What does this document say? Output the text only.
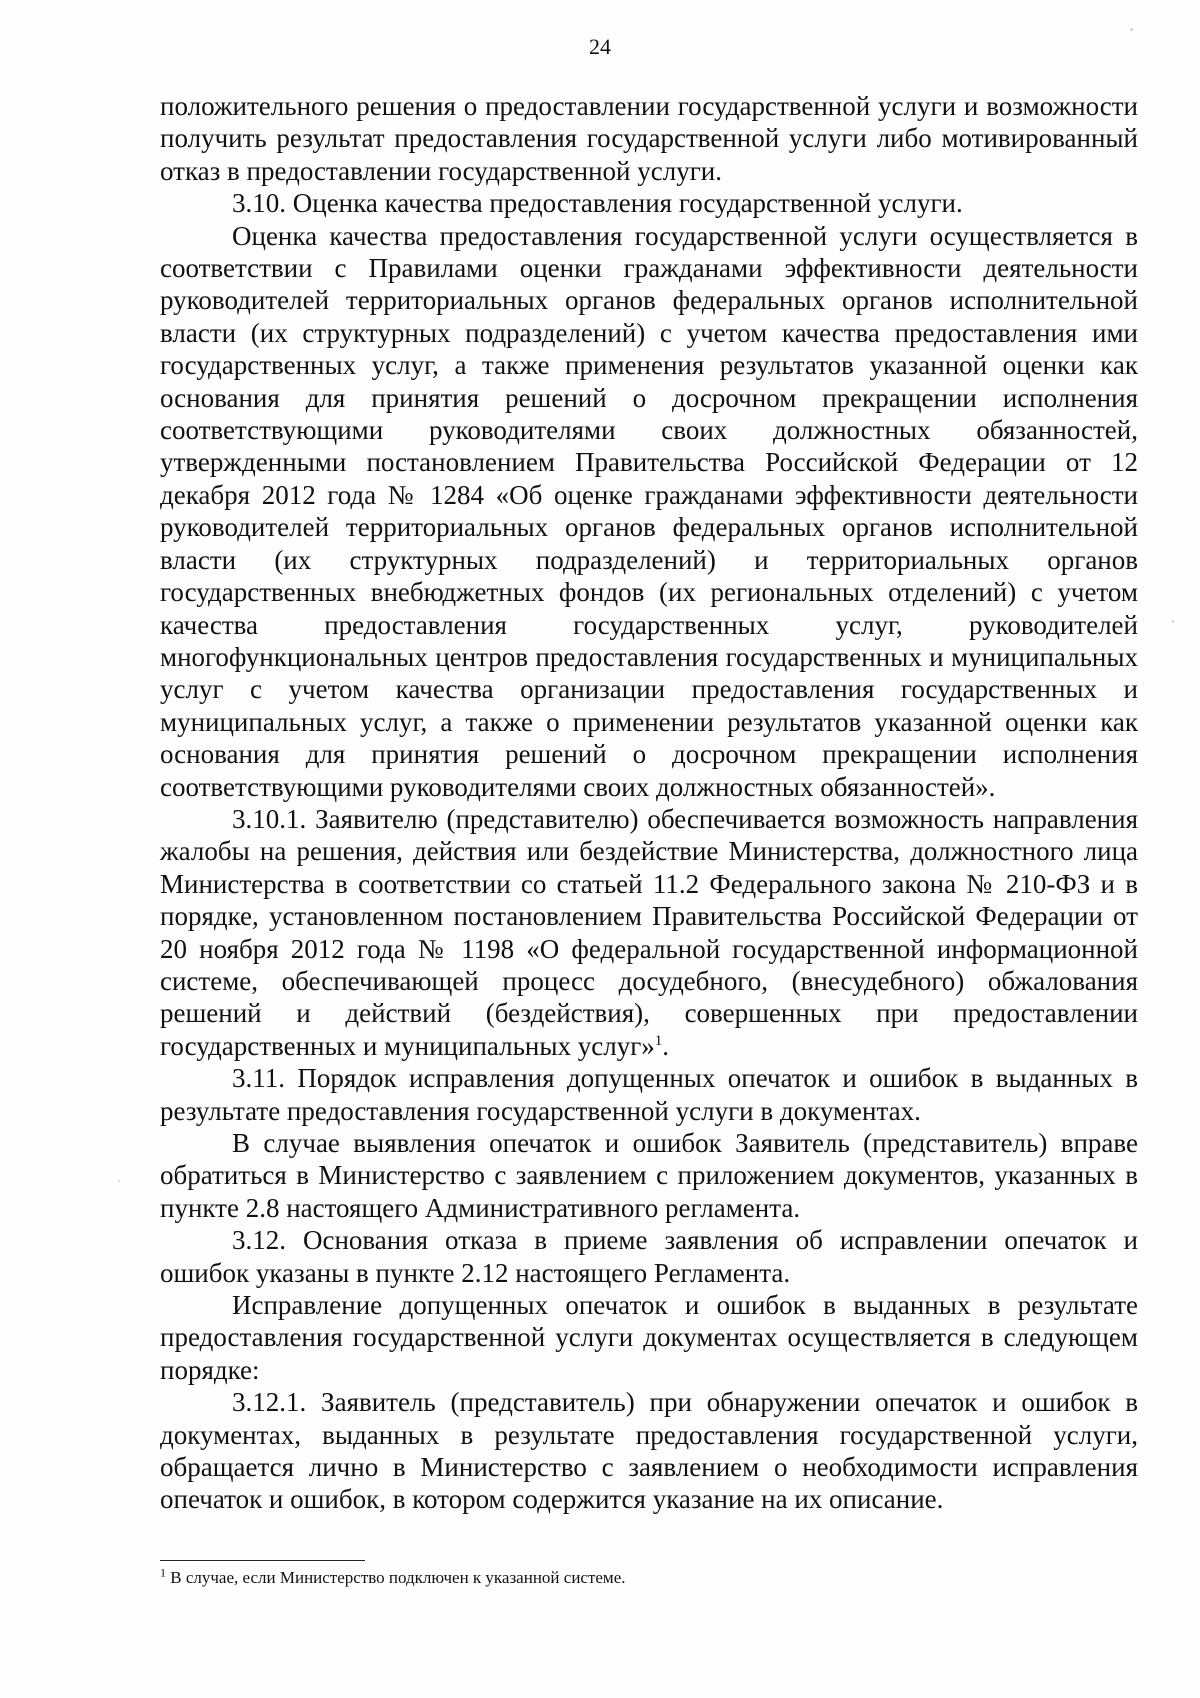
24

положительного решения о предоставлении государственной услуги и возможности получить результат предоставления государственной услуги либо мотивированный отказ в предоставлении государственной услуги.

3.10. Оценка качества предоставления государственной услуги.

Оценка качества предоставления государственной услуги осуществляется в соответствии с Правилами оценки гражданами эффективности деятельности руководителей территориальных органов федеральных органов исполнительной власти (их структурных подразделений) с учетом качества предоставления ими государственных услуг, а также применения результатов указанной оценки как основания для принятия решений о досрочном прекращении исполнения соответствующими руководителями своих должностных обязанностей, утвержденными постановлением Правительства Российской Федерации от 12 декабря 2012 года № 1284 «Об оценке гражданами эффективности деятельности руководителей территориальных органов федеральных органов исполнительной власти (их структурных подразделений) и территориальных органов государственных внебюджетных фондов (их региональных отделений) с учетом качества предоставления государственных услуг, руководителей многофункциональных центров предоставления государственных и муниципальных услуг с учетом качества организации предоставления государственных и муниципальных услуг, а также о применении результатов указанной оценки как основания для принятия решений о досрочном прекращении исполнения соответствующими руководителями своих должностных обязанностей».

3.10.1. Заявителю (представителю) обеспечивается возможность направления жалобы на решения, действия или бездействие Министерства, должностного лица Министерства в соответствии со статьей 11.2 Федерального закона № 210-ФЗ и в порядке, установленном постановлением Правительства Российской Федерации от 20 ноября 2012 года № 1198 «О федеральной государственной информационной системе, обеспечивающей процесс досудебного, (внесудебного) обжалования решений и действий (бездействия), совершенных при предоставлении государственных и муниципальных услуг»$^1$.

3.11. Порядок исправления допущенных опечаток и ошибок в выданных в результате предоставления государственной услуги в документах.

В случае выявления опечаток и ошибок Заявитель (представитель) вправе обратиться в Министерство с заявлением с приложением документов, указанных в пункте 2.8 настоящего Административного регламента.

3.12. Основания отказа в приеме заявления об исправлении опечаток и ошибок указаны в пункте 2.12 настоящего Регламента.

Исправление допущенных опечаток и ошибок в выданных в результате предоставления государственной услуги документах осуществляется в следующем порядке:

3.12.1. Заявитель (представитель) при обнаружении опечаток и ошибок в документах, выданных в результате предоставления государственной услуги, обращается лично в Министерство с заявлением о необходимости исправления опечаток и ошибок, в котором содержится указание на их описание.

$^1$ В случае, если Министерство подключен к указанной системе.
